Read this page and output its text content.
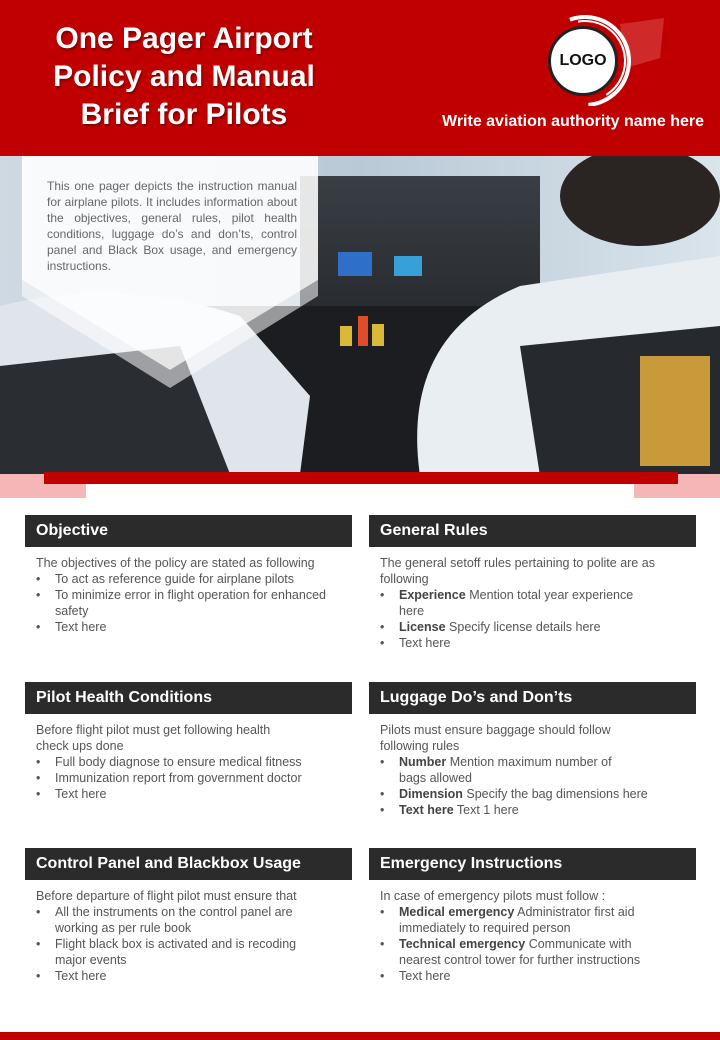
One Pager Airport
Policy and Manual
Brief for Pilots
LOGO
Write aviation authority name here
This one pager depicts the instruction manual for airplane pilots. It includes information about the objectives, general rules, pilot health conditions, luggage do’s and don’ts, control panel and Black Box usage, and emergency instructions.
Objective
The objectives of the policy are stated as following
• To act as reference guide for airplane pilots
• To minimize error in flight operation for enhanced safety
• Text here
General Rules
The general setoff rules pertaining to polite are as following
• Experience Mention total year experience here
• License Specify license details here
• Text here
Pilot Health Conditions
Before flight pilot must get following health check ups done
• Full body diagnose to ensure medical fitness
• Immunization report from government doctor
• Text here
Luggage Do’s and Don’ts
Pilots must ensure baggage should follow following rules
• Number Mention maximum number of bags allowed
• Dimension Specify the bag dimensions here
• Text here Text 1 here
Control Panel and Blackbox Usage
Before departure of flight pilot must ensure that
• All the instruments on the control panel are working as per rule book
• Flight black box is activated and is recoding major events
• Text here
Emergency Instructions
In case of emergency pilots must follow :
• Medical emergency Administrator first aid immediately to required person
• Technical emergency Communicate with nearest control tower for further instructions
• Text here
